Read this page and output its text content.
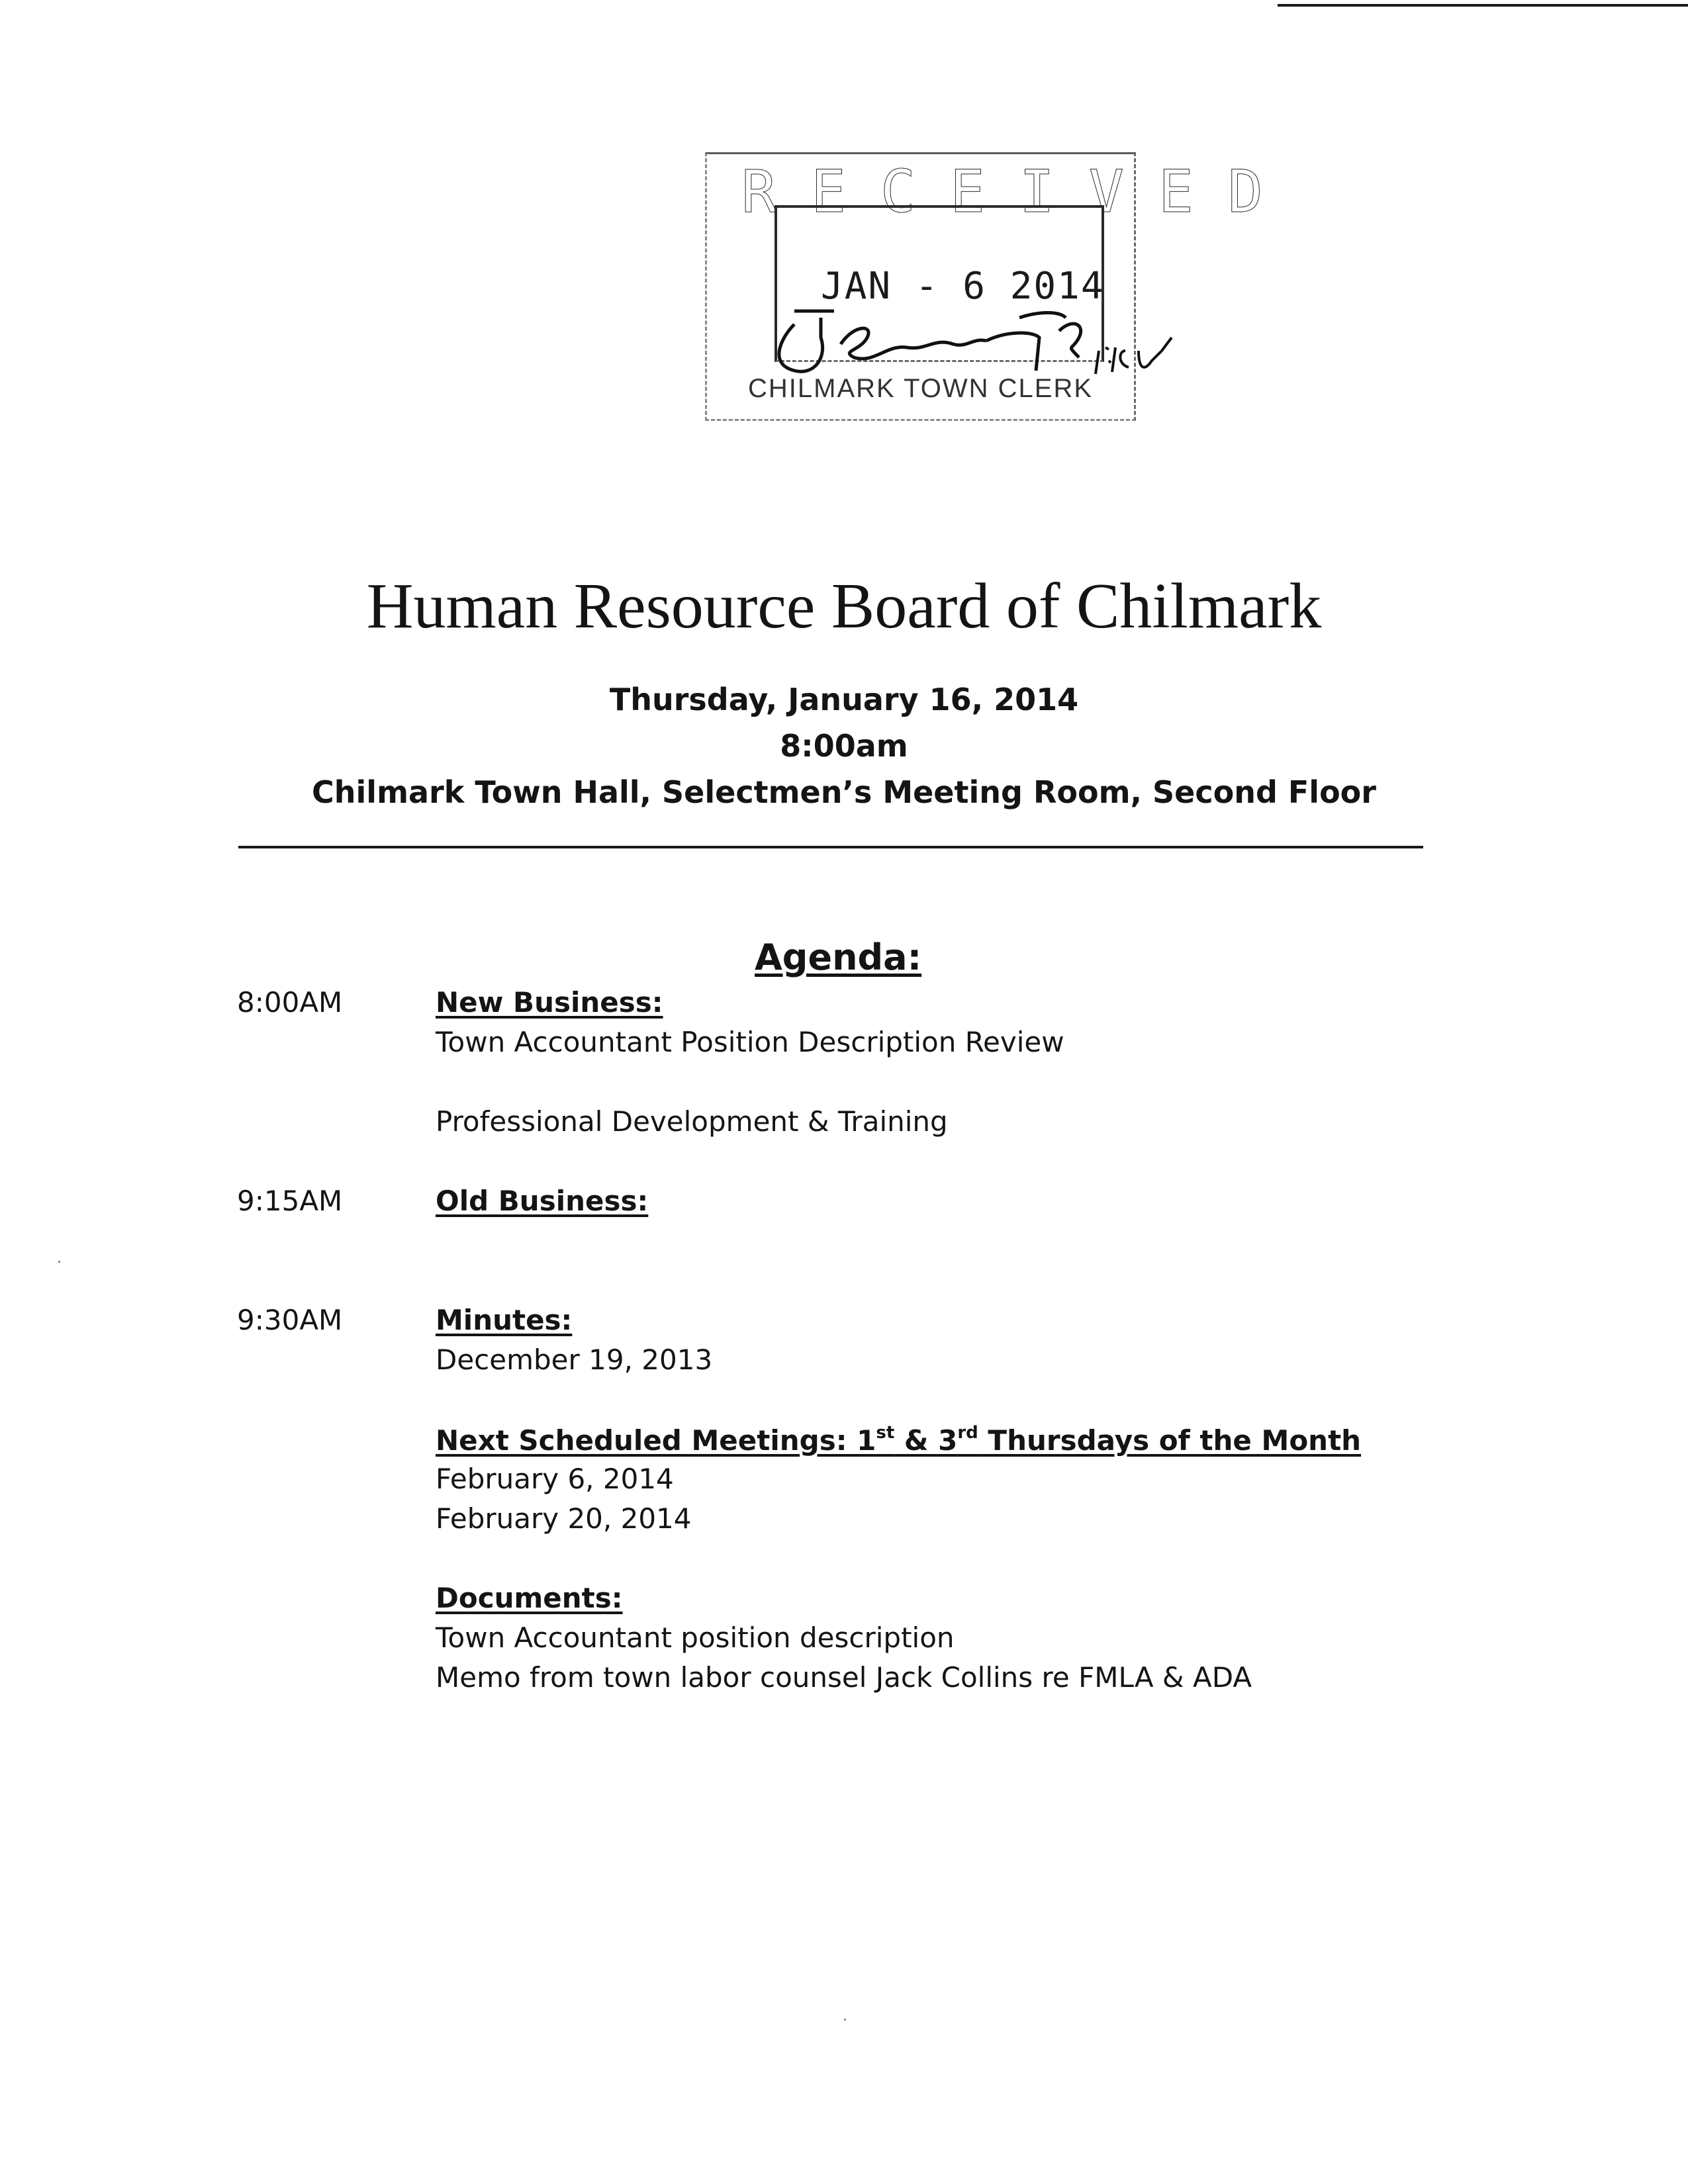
RECEIVED
JAN - 6 2014
CHILMARK TOWN CLERK
Human Resource Board of Chilmark
Thursday, January 16, 2014
8:00am
Chilmark Town Hall, Selectmen’s Meeting Room, Second Floor
Agenda:
8:00AM	New Business:
Town Accountant Position Description Review
Professional Development & Training
9:15AM	Old Business:
9:30AM	Minutes:
December 19, 2013
Next Scheduled Meetings: 1st & 3rd Thursdays of the Month
February 6, 2014
February 20, 2014
Documents:
Town Accountant position description
Memo from town labor counsel Jack Collins re FMLA & ADA
